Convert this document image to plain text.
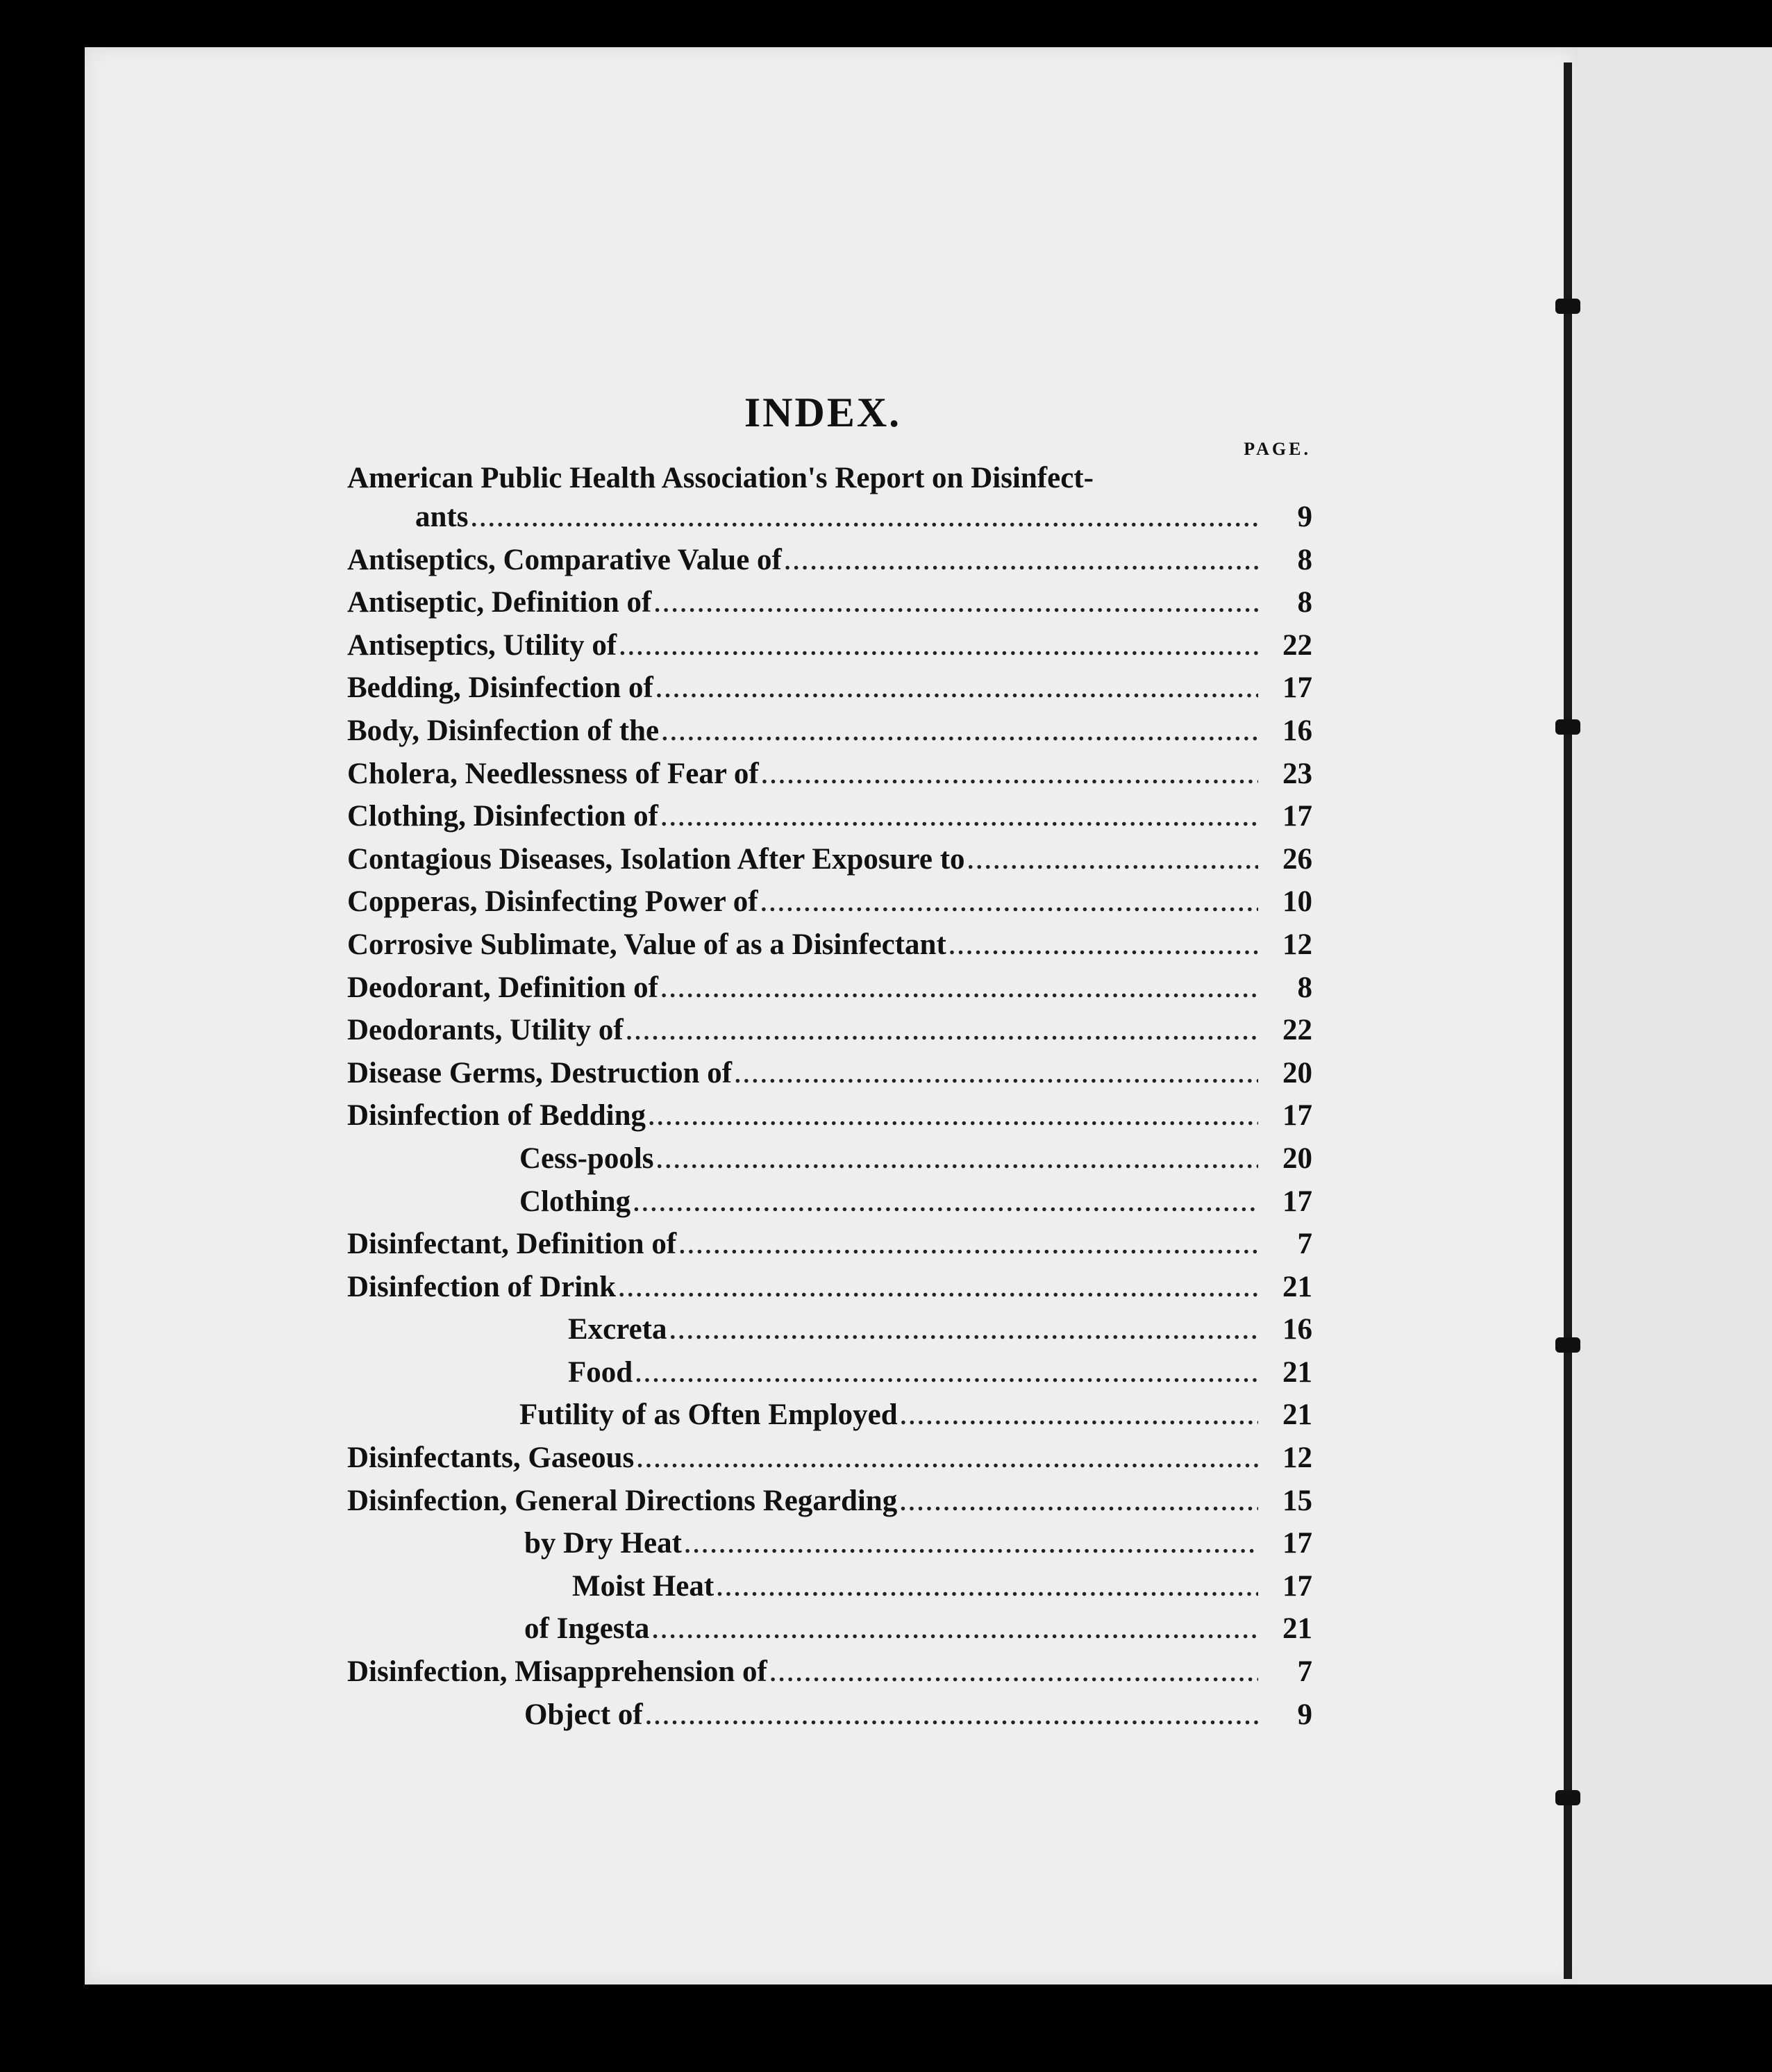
INDEX.
PAGE.
American Public Health Association's Report on Disinfect-
ants .....	9
Antiseptics, Comparative Value of .....	8
Antiseptic, Definition of .....	8
Antiseptics, Utility of .....	22
Bedding, Disinfection of .....	17
Body, Disinfection of the .....	16
Cholera, Needlessness of Fear of .....	23
Clothing, Disinfection of .....	17
Contagious Diseases, Isolation After Exposure to .....	26
Copperas, Disinfecting Power of .....	10
Corrosive Sublimate, Value of as a Disinfectant .....	12
Deodorant, Definition of .....	8
Deodorants, Utility of .....	22
Disease Germs, Destruction of .....	20
Disinfection of Bedding .....	17
Cess-pools .....	20
Clothing .....	17
Disinfectant, Definition of .....	7
Disinfection of Drink .....	21
Excreta .....	16
Food .....	21
Futility of as Often Employed .....	21
Disinfectants, Gaseous .....	12
Disinfection, General Directions Regarding .....	15
by Dry Heat .....	17
Moist Heat .....	17
of Ingesta .....	21
Disinfection, Misapprehension of .....	7
Object of .....	9
